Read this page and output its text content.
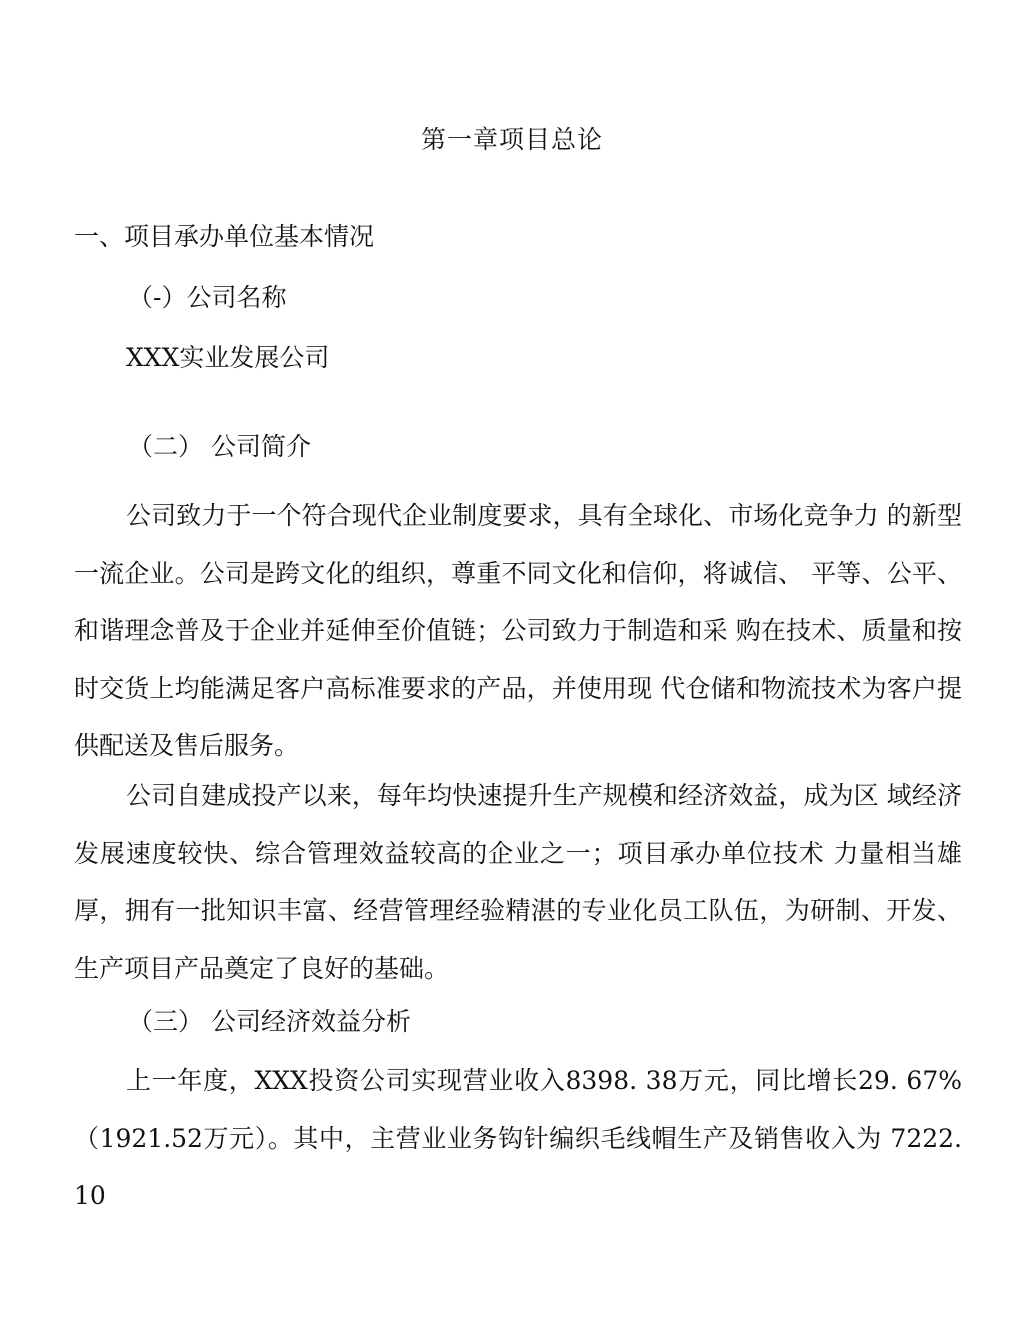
第一章项目总论
一、项目承办单位基本情况
（-）公司名称
XXX实业发展公司
（二） 公司简介
公司致力于一个符合现代企业制度要求，具有全球化、市场化竞争力 的新型一流企业。公司是跨文化的组织，尊重不同文化和信仰，将诚信、 平等、公平、和谐理念普及于企业并延伸至价值链；公司致力于制造和采 购在技术、质量和按时交货上均能满足客户高标准要求的产品，并使用现 代仓储和物流技术为客户提供配送及售后服务。
公司自建成投产以来，每年均快速提升生产规模和经济效益，成为区 域经济发展速度较快、综合管理效益较高的企业之一；项目承办单位技术 力量相当雄厚，拥有一批知识丰富、经营管理经验精湛的专业化员工队伍，为研制、开发、生产项目产品奠定了良好的基础。
（三） 公司经济效益分析
上一年度，XXX投资公司实现营业收入8398. 38万元，同比增长29. 67% （1921.52万元）。其中，主营业业务钩针编织毛线帽生产及销售收入为 7222. 10
